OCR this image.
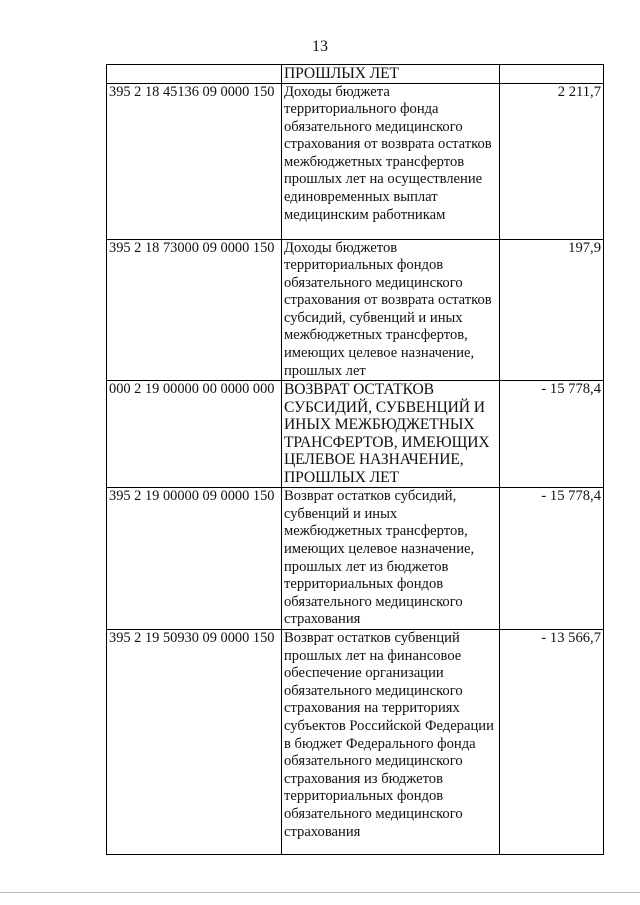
13
	ПРОШЛЫХ ЛЕТ	
395 2 18 45136 09 0000 150	Доходы бюджета территориального фонда обязательного медицинского страхования от возврата остатков межбюджетных трансфертов прошлых лет на осуществление единовременных выплат медицинским работникам	2 211,7
395 2 18 73000 09 0000 150	Доходы бюджетов территориальных фондов обязательного медицинского страхования от возврата остатков субсидий, субвенций и иных межбюджетных трансфертов, имеющих целевое назначение, прошлых лет	197,9
000 2 19 00000 00 0000 000	ВОЗВРАТ ОСТАТКОВ СУБСИДИЙ, СУБВЕНЦИЙ И ИНЫХ МЕЖБЮДЖЕТНЫХ ТРАНСФЕРТОВ, ИМЕЮЩИХ ЦЕЛЕВОЕ НАЗНАЧЕНИЕ, ПРОШЛЫХ ЛЕТ	- 15 778,4
395 2 19 00000 09 0000 150	Возврат остатков субсидий, субвенций и иных межбюджетных трансфертов, имеющих целевое назначение, прошлых лет из бюджетов территориальных фондов обязательного медицинского страхования	- 15 778,4
395 2 19 50930 09 0000 150	Возврат остатков субвенций прошлых лет на финансовое обеспечение организации обязательного медицинского страхования на территориях субъектов Российской Федерации в бюджет Федерального фонда обязательного медицинского страхования из бюджетов территориальных фондов обязательного медицинского страхования	- 13 566,7
